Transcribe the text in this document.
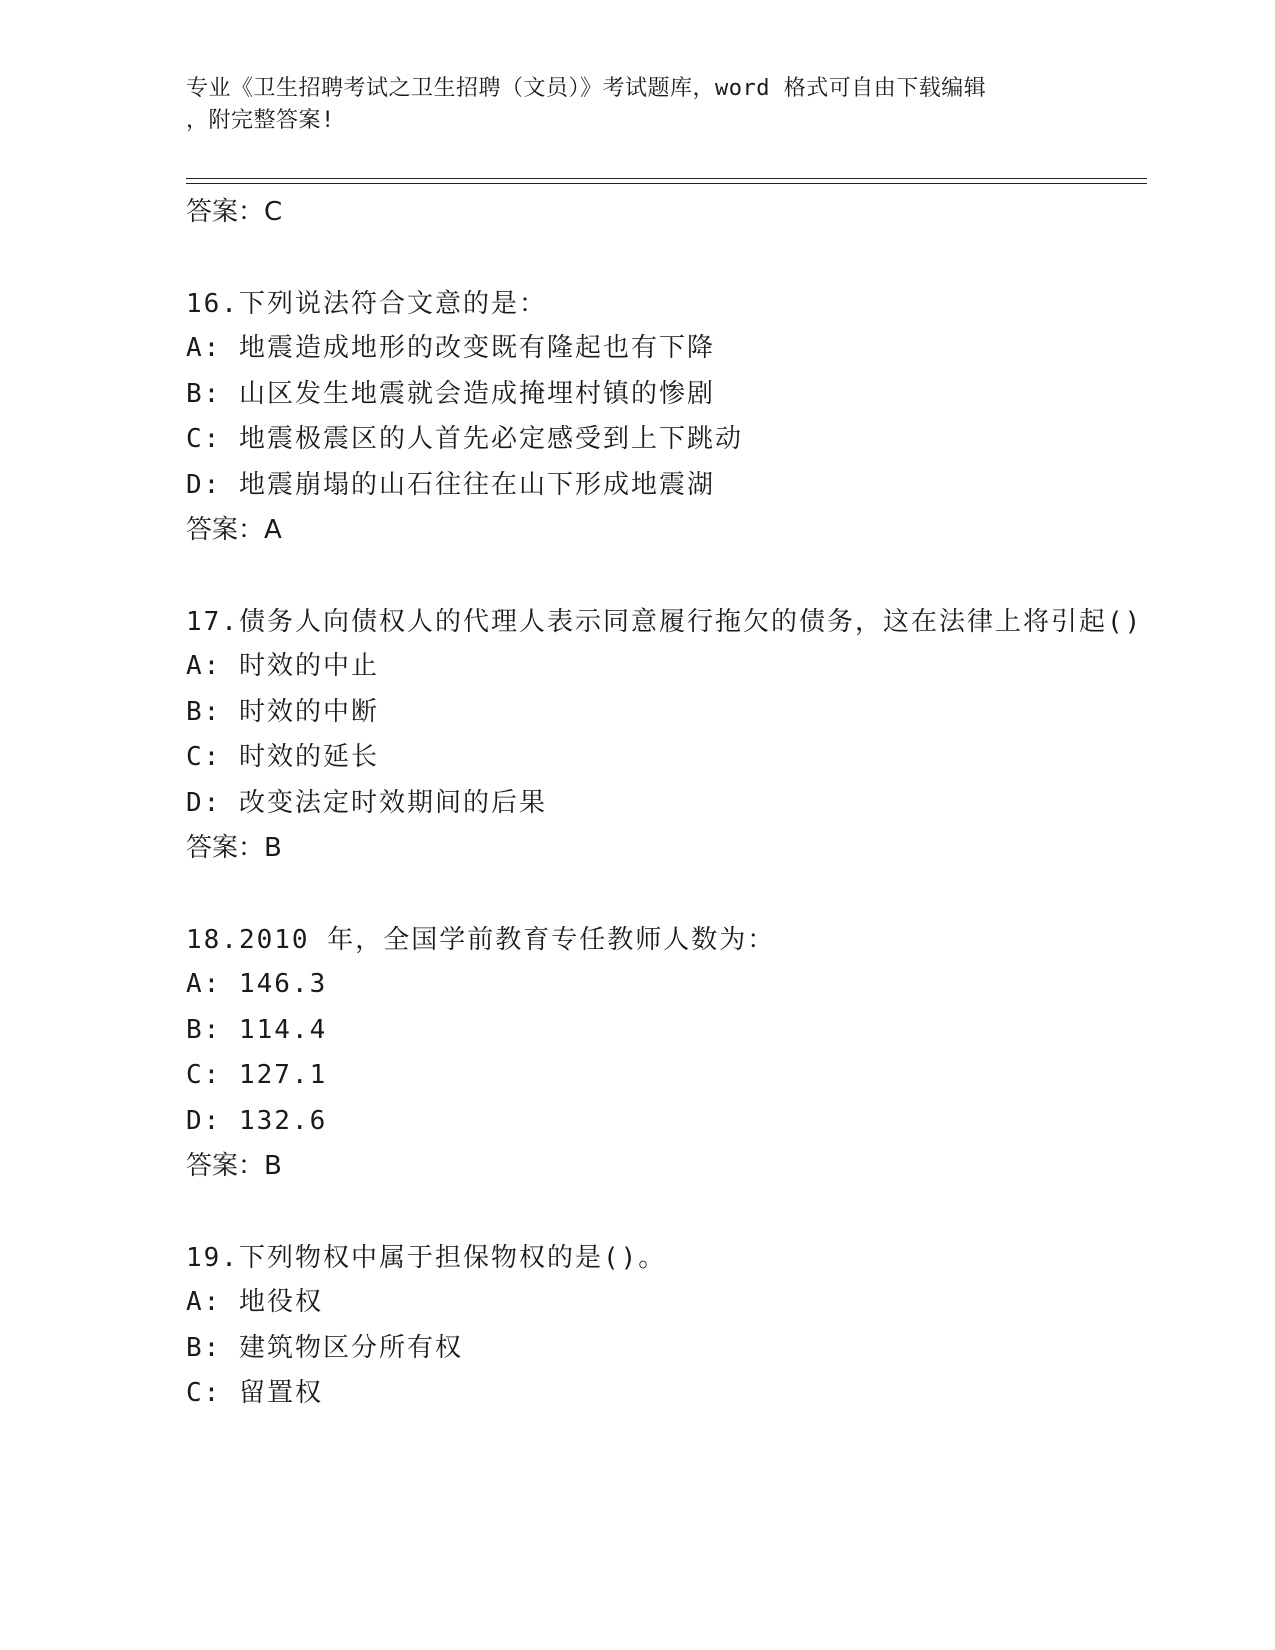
专业《卫生招聘考试之卫生招聘（文员）》考试题库，word 格式可自由下载编辑
，附完整答案!
答案：C
16.下列说法符合文意的是：
A: 地震造成地形的改变既有隆起也有下降
B: 山区发生地震就会造成掩埋村镇的惨剧
C: 地震极震区的人首先必定感受到上下跳动
D: 地震崩塌的山石往往在山下形成地震湖
答案：A
17.债务人向债权人的代理人表示同意履行拖欠的债务，这在法律上将引起()
A: 时效的中止
B: 时效的中断
C: 时效的延长
D: 改变法定时效期间的后果
答案：B
18.2010 年，全国学前教育专任教师人数为：
A: 146.3
B: 114.4
C: 127.1
D: 132.6
答案：B
19.下列物权中属于担保物权的是()。
A: 地役权
B: 建筑物区分所有权
C: 留置权
